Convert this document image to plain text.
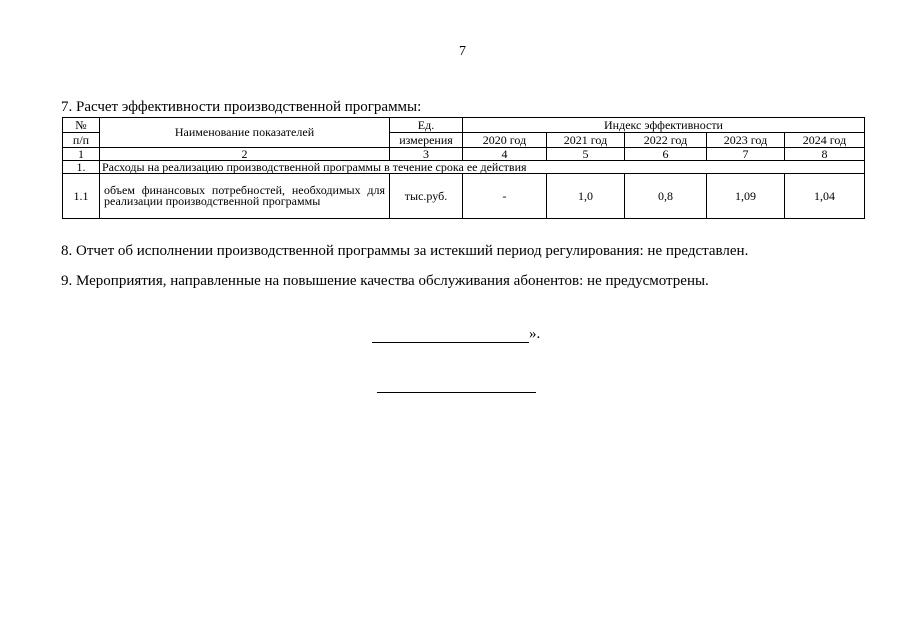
7
7. Расчет эффективности производственной программы:
№	Наименование показателей	Ед.	Индекс эффективности				
п/п		измерения	2020 год	2021 год	2022 год	2023 год	2024 год
1	2	3	4	5	6	7	8
1.	Расходы на реализацию производственной программы в течение срока ее действия						
1.1	объем финансовых потребностей, необходимых для реализации производственной программы	тыс.руб.	-	1,0	0,8	1,09	1,04
8. Отчет об исполнении производственной программы за истекший период регулирования: не представлен.
9. Мероприятия, направленные на повышение качества обслуживания абонентов: не предусмотрены.
».
